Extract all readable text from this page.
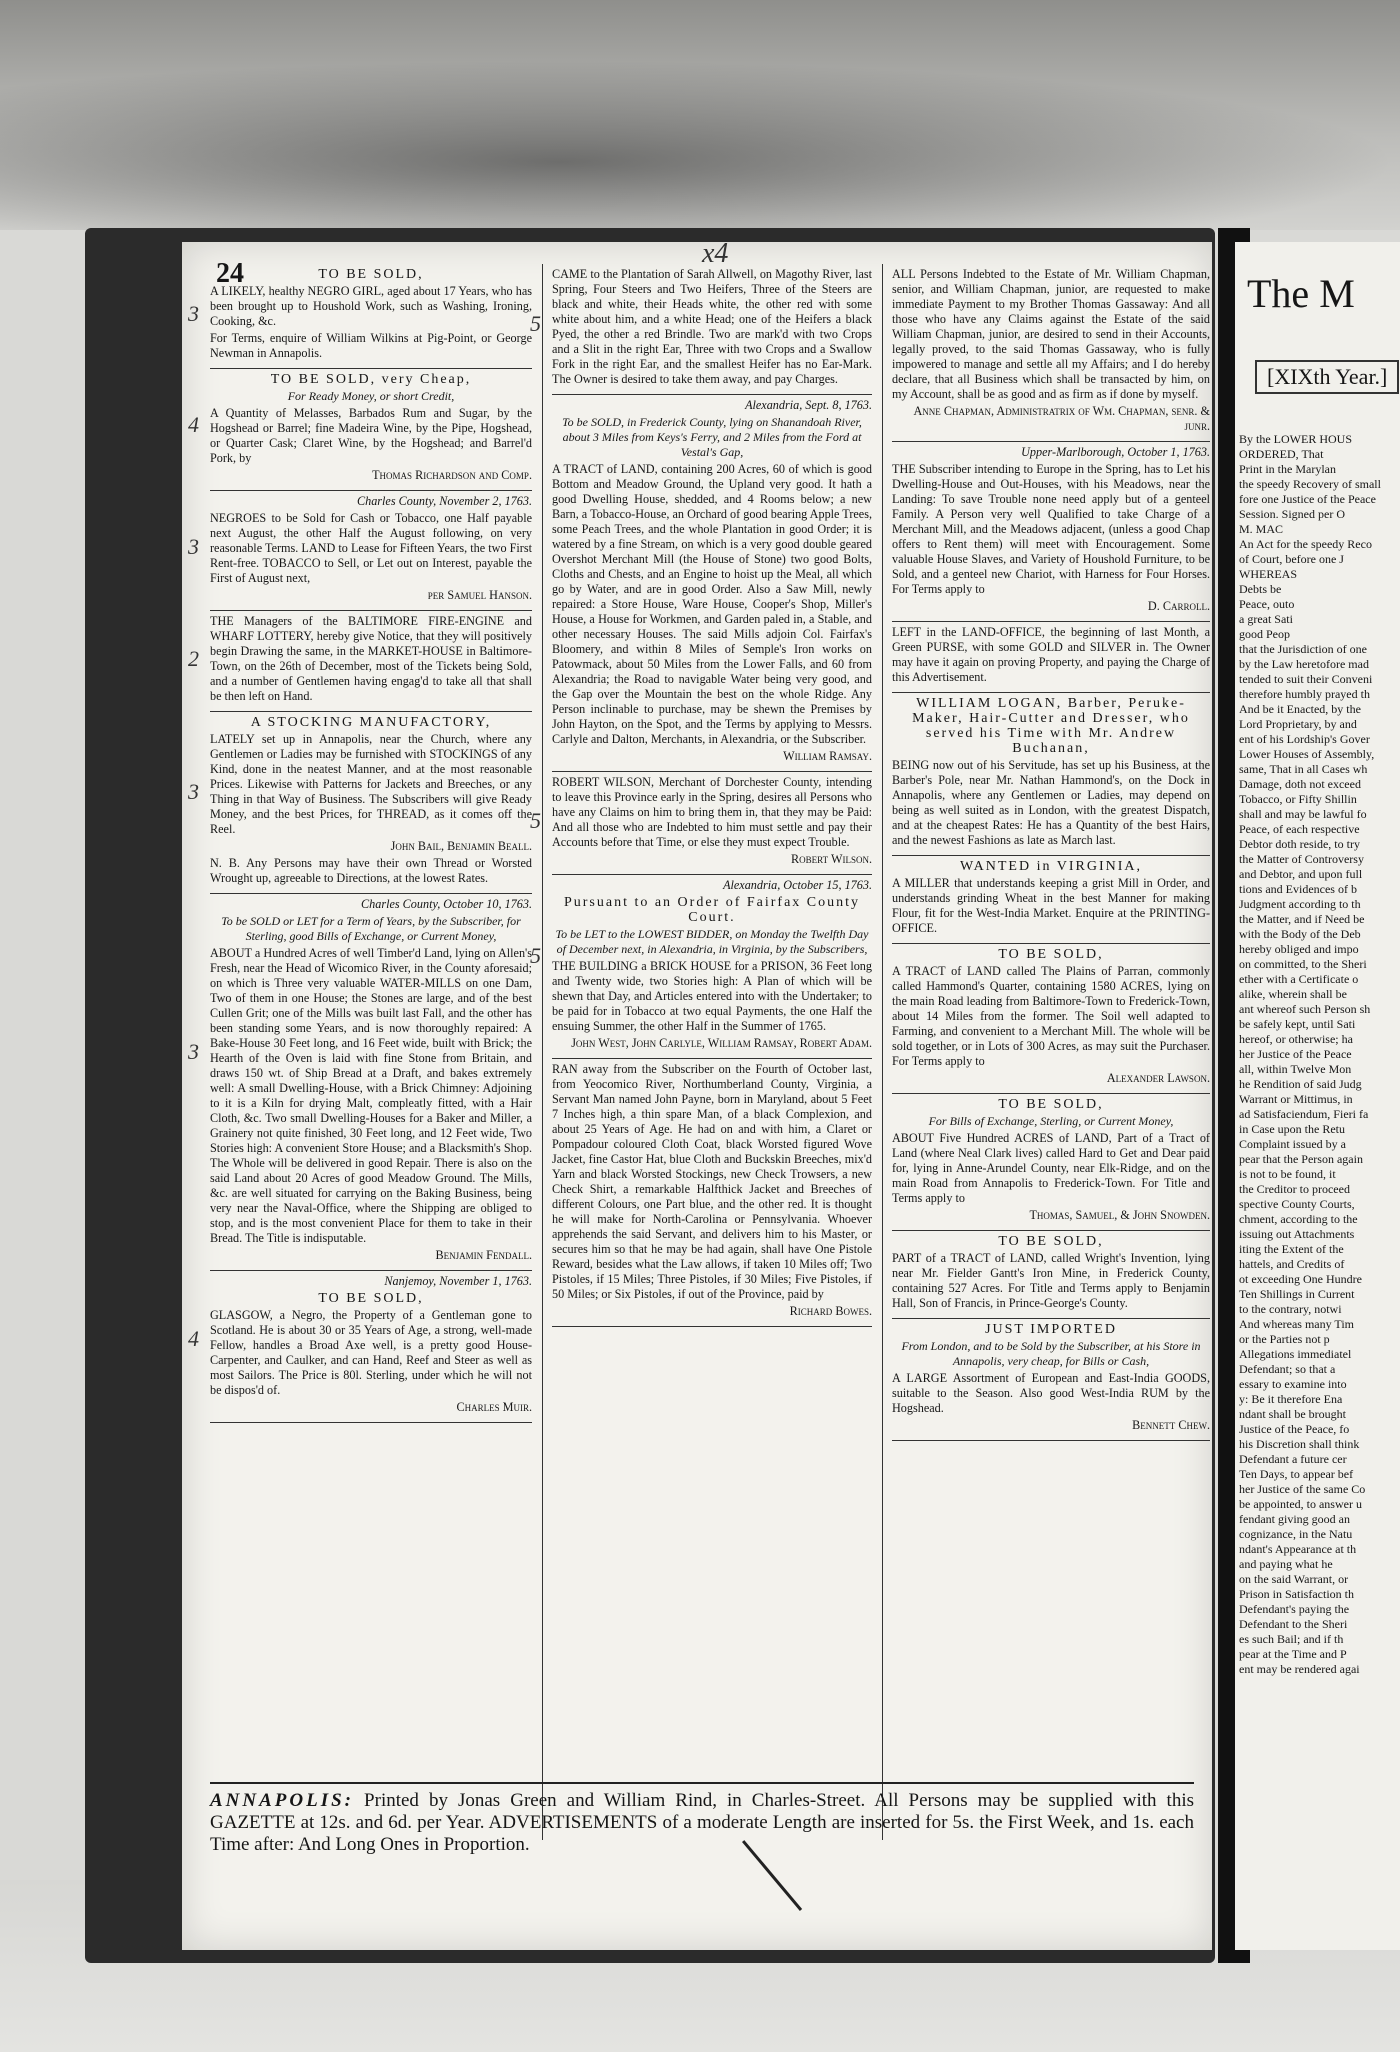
24
x4

TO BE SOLD,

A LIKELY, healthy NEGRO GIRL, aged about 17 Years, who has been brought up to Houshold Work, such as Washing, Ironing, Cooking, &c.

For Terms, enquire of William Wilkins at Pig-Point, or George Newman in Annapolis.

3

TO BE SOLD, very Cheap,

For Ready Money, or short Credit,

A Quantity of Melasses, Barbados Rum and Sugar, by the Hogshead or Barrel; fine Madeira Wine, by the Pipe, Hogshead, or Quarter Cask; Claret Wine, by the Hogshead; and Barrel'd Pork, by

Thomas Richardson and Comp.

4

Charles County, November 2, 1763.

NEGROES to be Sold for Cash or Tobacco, one Half payable next August, the other Half the August following, on very reasonable Terms. LAND to Lease for Fifteen Years, the two First Rent-free. TOBACCO to Sell, or Let out on Interest, payable the First of August next,

per Samuel Hanson.

3

THE Managers of the BALTIMORE FIRE-ENGINE and WHARF LOTTERY, hereby give Notice, that they will positively begin Drawing the same, in the MARKET-HOUSE in Baltimore-Town, on the 26th of December, most of the Tickets being Sold, and a number of Gentlemen having engag'd to take all that shall be then left on Hand.

2

A STOCKING MANUFACTORY,

LATELY set up in Annapolis, near the Church, where any Gentlemen or Ladies may be furnished with STOCKINGS of any Kind, done in the neatest Manner, and at the most reasonable Prices. Likewise with Patterns for Jackets and Breeches, or any Thing in that Way of Business. The Subscribers will give Ready Money, and the best Prices, for THREAD, as it comes off the Reel.

John Bail, Benjamin Beall.

N. B. Any Persons may have their own Thread or Worsted Wrought up, agreeable to Directions, at the lowest Rates.

3

Charles County, October 10, 1763.

To be SOLD or LET for a Term of Years, by the Subscriber, for Sterling, good Bills of Exchange, or Current Money,

ABOUT a Hundred Acres of well Timber'd Land, lying on Allen's Fresh, near the Head of Wicomico River, in the County aforesaid; on which is Three very valuable WATER-MILLS on one Dam, Two of them in one House; the Stones are large, and of the best Cullen Grit; one of the Mills was built last Fall, and the other has been standing some Years, and is now thoroughly repaired: A Bake-House 30 Feet long, and 16 Feet wide, built with Brick; the Hearth of the Oven is laid with fine Stone from Britain, and draws 150 wt. of Ship Bread at a Draft, and bakes extremely well: A small Dwelling-House, with a Brick Chimney: Adjoining to it is a Kiln for drying Malt, compleatly fitted, with a Hair Cloth, &c. Two small Dwelling-Houses for a Baker and Miller, a Grainery not quite finished, 30 Feet long, and 12 Feet wide, Two Stories high: A convenient Store House; and a Blacksmith's Shop. The Whole will be delivered in good Repair. There is also on the said Land about 20 Acres of good Meadow Ground. The Mills, &c. are well situated for carrying on the Baking Business, being very near the Naval-Office, where the Shipping are obliged to stop, and is the most convenient Place for them to take in their Bread. The Title is indisputable.

Benjamin Fendall.

3

Nanjemoy, November 1, 1763.

TO BE SOLD,

GLASGOW, a Negro, the Property of a Gentleman gone to Scotland. He is about 30 or 35 Years of Age, a strong, well-made Fellow, handles a Broad Axe well, is a pretty good House-Carpenter, and Caulker, and can Hand, Reef and Steer as well as most Sailors. The Price is 80l. Sterling, under which he will not be dispos'd of.

Charles Muir.

4

CAME to the Plantation of Sarah Allwell, on Magothy River, last Spring, Four Steers and Two Heifers, Three of the Steers are black and white, their Heads white, the other red with some white about him, and a white Head; one of the Heifers a black Pyed, the other a red Brindle. Two are mark'd with two Crops and a Slit in the right Ear, Three with two Crops and a Swallow Fork in the right Ear, and the smallest Heifer has no Ear-Mark. The Owner is desired to take them away, and pay Charges.

5

Alexandria, Sept. 8, 1763.

To be SOLD, in Frederick County, lying on Shanandoah River, about 3 Miles from Keys's Ferry, and 2 Miles from the Ford at Vestal's Gap,

A TRACT of LAND, containing 200 Acres, 60 of which is good Bottom and Meadow Ground, the Upland very good. It hath a good Dwelling House, shedded, and 4 Rooms below; a new Barn, a Tobacco-House, an Orchard of good bearing Apple Trees, some Peach Trees, and the whole Plantation in good Order; it is watered by a fine Stream, on which is a very good double geared Overshot Merchant Mill (the House of Stone) two good Bolts, Cloths and Chests, and an Engine to hoist up the Meal, all which go by Water, and are in good Order. Also a Saw Mill, newly repaired: a Store House, Ware House, Cooper's Shop, Miller's House, a House for Workmen, and Garden paled in, a Stable, and other necessary Houses. The said Mills adjoin Col. Fairfax's Bloomery, and within 8 Miles of Semple's Iron works on Patowmack, about 50 Miles from the Lower Falls, and 60 from Alexandria; the Road to navigable Water being very good, and the Gap over the Mountain the best on the whole Ridge. Any Person inclinable to purchase, may be shewn the Premises by John Hayton, on the Spot, and the Terms by applying to Messrs. Carlyle and Dalton, Merchants, in Alexandria, or the Subscriber.

William Ramsay.

ROBERT WILSON, Merchant of Dorchester County, intending to leave this Province early in the Spring, desires all Persons who have any Claims on him to bring them in, that they may be Paid: And all those who are Indebted to him must settle and pay their Accounts before that Time, or else they must expect Trouble.

Robert Wilson.

5

Alexandria, October 15, 1763.

Pursuant to an Order of Fairfax County Court.

To be LET to the LOWEST BIDDER, on Monday the Twelfth Day of December next, in Alexandria, in Virginia, by the Subscribers,

THE BUILDING a BRICK HOUSE for a PRISON, 36 Feet long and Twenty wide, two Stories high: A Plan of which will be shewn that Day, and Articles entered into with the Undertaker; to be paid for in Tobacco at two equal Payments, the one Half the ensuing Summer, the other Half in the Summer of 1765.

John West, John Carlyle, William Ramsay, Robert Adam.

5

RAN away from the Subscriber on the Fourth of October last, from Yeocomico River, Northumberland County, Virginia, a Servant Man named John Payne, born in Maryland, about 5 Feet 7 Inches high, a thin spare Man, of a black Complexion, and about 25 Years of Age. He had on and with him, a Claret or Pompadour coloured Cloth Coat, black Worsted figured Wove Jacket, fine Castor Hat, blue Cloth and Buckskin Breeches, mix'd Yarn and black Worsted Stockings, new Check Trowsers, a new Check Shirt, a remarkable Halfthick Jacket and Breeches of different Colours, one Part blue, and the other red. It is thought he will make for North-Carolina or Pennsylvania. Whoever apprehends the said Servant, and delivers him to his Master, or secures him so that he may be had again, shall have One Pistole Reward, besides what the Law allows, if taken 10 Miles off; Two Pistoles, if 15 Miles; Three Pistoles, if 30 Miles; Five Pistoles, if 50 Miles; or Six Pistoles, if out of the Province, paid by

Richard Bowes.

ALL Persons Indebted to the Estate of Mr. William Chapman, senior, and William Chapman, junior, are requested to make immediate Payment to my Brother Thomas Gassaway: And all those who have any Claims against the Estate of the said William Chapman, junior, are desired to send in their Accounts, legally proved, to the said Thomas Gassaway, who is fully impowered to manage and settle all my Affairs; and I do hereby declare, that all Business which shall be transacted by him, on my Account, shall be as good and as firm as if done by myself.

Anne Chapman, Administratrix of Wm. Chapman, senr. & junr.

Upper-Marlborough, October 1, 1763.

THE Subscriber intending to Europe in the Spring, has to Let his Dwelling-House and Out-Houses, with his Meadows, near the Landing: To save Trouble none need apply but of a genteel Family. A Person very well Qualified to take Charge of a Merchant Mill, and the Meadows adjacent, (unless a good Chap offers to Rent them) will meet with Encouragement. Some valuable House Slaves, and Variety of Houshold Furniture, to be Sold, and a genteel new Chariot, with Harness for Four Horses. For Terms apply to

D. Carroll.

LEFT in the LAND-OFFICE, the beginning of last Month, a Green PURSE, with some GOLD and SILVER in. The Owner may have it again on proving Property, and paying the Charge of this Advertisement.

WILLIAM LOGAN, Barber, Peruke-Maker, Hair-Cutter and Dresser, who served his Time with Mr. Andrew Buchanan,

BEING now out of his Servitude, has set up his Business, at the Barber's Pole, near Mr. Nathan Hammond's, on the Dock in Annapolis, where any Gentlemen or Ladies, may depend on being as well suited as in London, with the greatest Dispatch, and at the cheapest Rates: He has a Quantity of the best Hairs, and the newest Fashions as late as March last.

WANTED in VIRGINIA,

A MILLER that understands keeping a grist Mill in Order, and understands grinding Wheat in the best Manner for making Flour, fit for the West-India Market. Enquire at the PRINTING-OFFICE.

TO BE SOLD,

A TRACT of LAND called The Plains of Parran, commonly called Hammond's Quarter, containing 1580 ACRES, lying on the main Road leading from Baltimore-Town to Frederick-Town, about 14 Miles from the former. The Soil well adapted to Farming, and convenient to a Merchant Mill. The whole will be sold together, or in Lots of 300 Acres, as may suit the Purchaser. For Terms apply to

Alexander Lawson.

TO BE SOLD,

For Bills of Exchange, Sterling, or Current Money,

ABOUT Five Hundred ACRES of LAND, Part of a Tract of Land (where Neal Clark lives) called Hard to Get and Dear paid for, lying in Anne-Arundel County, near Elk-Ridge, and on the main Road from Annapolis to Frederick-Town. For Title and Terms apply to

Thomas, Samuel, & John Snowden.

TO BE SOLD,

PART of a TRACT of LAND, called Wright's Invention, lying near Mr. Fielder Gantt's Iron Mine, in Frederick County, containing 527 Acres. For Title and Terms apply to Benjamin Hall, Son of Francis, in Prince-George's County.

JUST IMPORTED

From London, and to be Sold by the Subscriber, at his Store in Annapolis, very cheap, for Bills or Cash,

A LARGE Assortment of European and East-India GOODS, suitable to the Season. Also good West-India RUM by the Hogshead.

Bennett Chew.

ANNAPOLIS: Printed by Jonas Green and William Rind, in Charles-Street. All Persons may be supplied with this GAZETTE at 12s. and 6d. per Year. ADVERTISEMENTS of a moderate Length are inserted for 5s. the First Week, and 1s. each Time after: And Long Ones in Proportion.
The M
[XIXth Year.]

By the LOWER HOUS

ORDERED, That

Print in the Marylan

the speedy Recovery of small

fore one Justice of the Peace

Session. Signed per O

M. MAC

An Act for the speedy Reco

of Court, before one J

WHEREAS

Debts be

Peace, outo

a great Sati

good Peop

that the Jurisdiction of one

by the Law heretofore mad

tended to suit their Conveni

therefore humbly prayed th

And be it Enacted, by the

Lord Proprietary, by and

ent of his Lordship's Gover

Lower Houses of Assembly,

same, That in all Cases wh

Damage, doth not exceed

Tobacco, or Fifty Shillin

shall and may be lawful fo

Peace, of each respective

Debtor doth reside, to try

the Matter of Controversy

and Debtor, and upon full

tions and Evidences of b

Judgment according to th

the Matter, and if Need be

with the Body of the Deb

hereby obliged and impo

on committed, to the Sheri

ether with a Certificate o

alike, wherein shall be

ant whereof such Person sh

be safely kept, until Sati

hereof, or otherwise; ha

her Justice of the Peace

all, within Twelve Mon

he Rendition of said Judg

Warrant or Mittimus, in

ad Satisfaciendum, Fieri fa

in Case upon the Retu

Complaint issued by a

pear that the Person again

is not to be found, it

the Creditor to proceed

spective County Courts,

chment, according to the

issuing out Attachments

iting the Extent of the

hattels, and Credits of

ot exceeding One Hundre

Ten Shillings in Current

to the contrary, notwi

And whereas many Tim

or the Parties not p

Allegations immediatel

Defendant; so that a

essary to examine into

y: Be it therefore Ena

ndant shall be brought

Justice of the Peace, fo

his Discretion shall think

Defendant a future cer

Ten Days, to appear bef

her Justice of the same Co

be appointed, to answer u

fendant giving good an

cognizance, in the Natu

ndant's Appearance at th

and paying what he

on the said Warrant, or

Prison in Satisfaction th

Defendant's paying the

Defendant to the Sheri

es such Bail; and if th

pear at the Time and P

ent may be rendered agai
